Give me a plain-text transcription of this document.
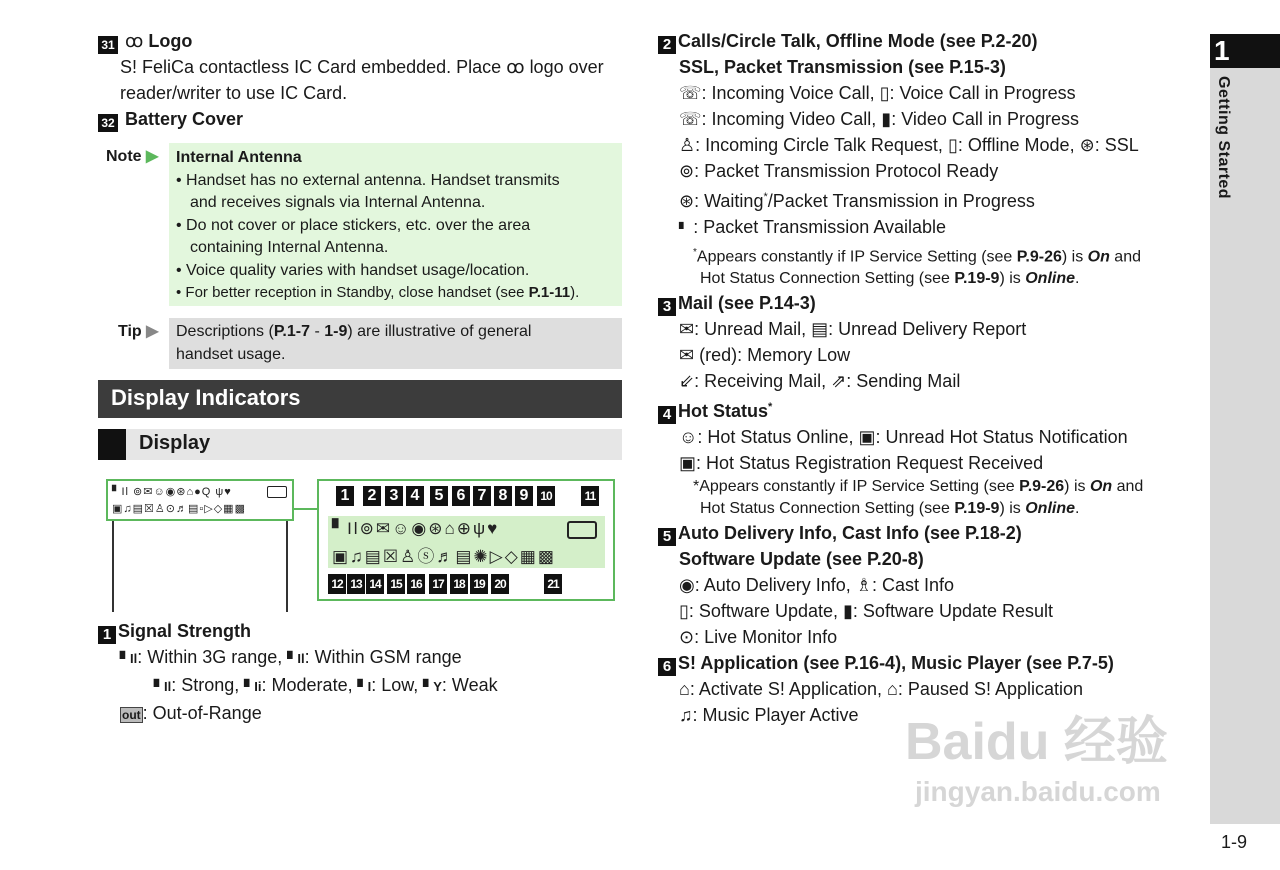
31 ꝏ Logo
S! FeliCa contactless IC Card embedded. Place ꝏ logo over
reader/writer to use IC Card.
32 Battery Cover
Note ▶	Internal Antenna
• Handset has no external antenna. Handset transmits
and receives signals via Internal Antenna.
• Do not cover or place stickers, etc. over the area
containing Internal Antenna.
• Voice quality varies with handset usage/location.
• For better reception in Standby, close handset (see P.1-11).
Tip ▶ Descriptions (P.1-7 - 1-9) are illustrative of general
handset usage.
Display Indicators
Display
▘Il ⊚✉☺◉⊛⌂●Q ψ♥
▣♫▤☒♙⊙♬▤▫▷◇▦▩
1 2 3 4 5 6 7 8 9 10	11
▘Il⊚✉☺◉⊛⌂⊕ψ♥
▣♫▤☒♙ⓢ♬▤✺▷◇▦▩
12 13 14 15 16 17 18 19 20	21
1 Signal Strength
▘Il: Within 3G range, ▘Il: Within GSM range
▘Il: Strong, ▘Ii: Moderate, ▘I: Low, ▘Y: Weak
out : Out-of-Range
2 Calls/Circle Talk, Offline Mode (see P.2-20)
SSL, Packet Transmission (see P.15-3)
☏: Incoming Voice Call, ▯: Voice Call in Progress
☏: Incoming Video Call, ▮: Video Call in Progress
♙: Incoming Circle Talk Request, ▯: Offline Mode, ⊛: SSL
⊚: Packet Transmission Protocol Ready
⊛: Waiting*/Packet Transmission in Progress
▘ : Packet Transmission Available
*Appears constantly if IP Service Setting (see P.9-26) is On and
Hot Status Connection Setting (see P.19-9) is Online.
3 Mail (see P.14-3)
✉: Unread Mail, ▤: Unread Delivery Report
✉ (red): Memory Low
⇙: Receiving Mail, ⇗: Sending Mail
4 Hot Status*
☺: Hot Status Online, ▣: Unread Hot Status Notification
▣: Hot Status Registration Request Received
*Appears constantly if IP Service Setting (see P.9-26) is On and
Hot Status Connection Setting (see P.19-9) is Online.
5 Auto Delivery Info, Cast Info (see P.18-2)
Software Update (see P.20-8)
◉: Auto Delivery Info, ♗: Cast Info
▯: Software Update, ▮: Software Update Result
⊙: Live Monitor Info
6 S! Application (see P.16-4), Music Player (see P.7-5)
⌂: Activate S! Application, ⌂: Paused S! Application
♫: Music Player Active Baidu 经验
jingyan.baidu.com
1
Getting Started
1-9
